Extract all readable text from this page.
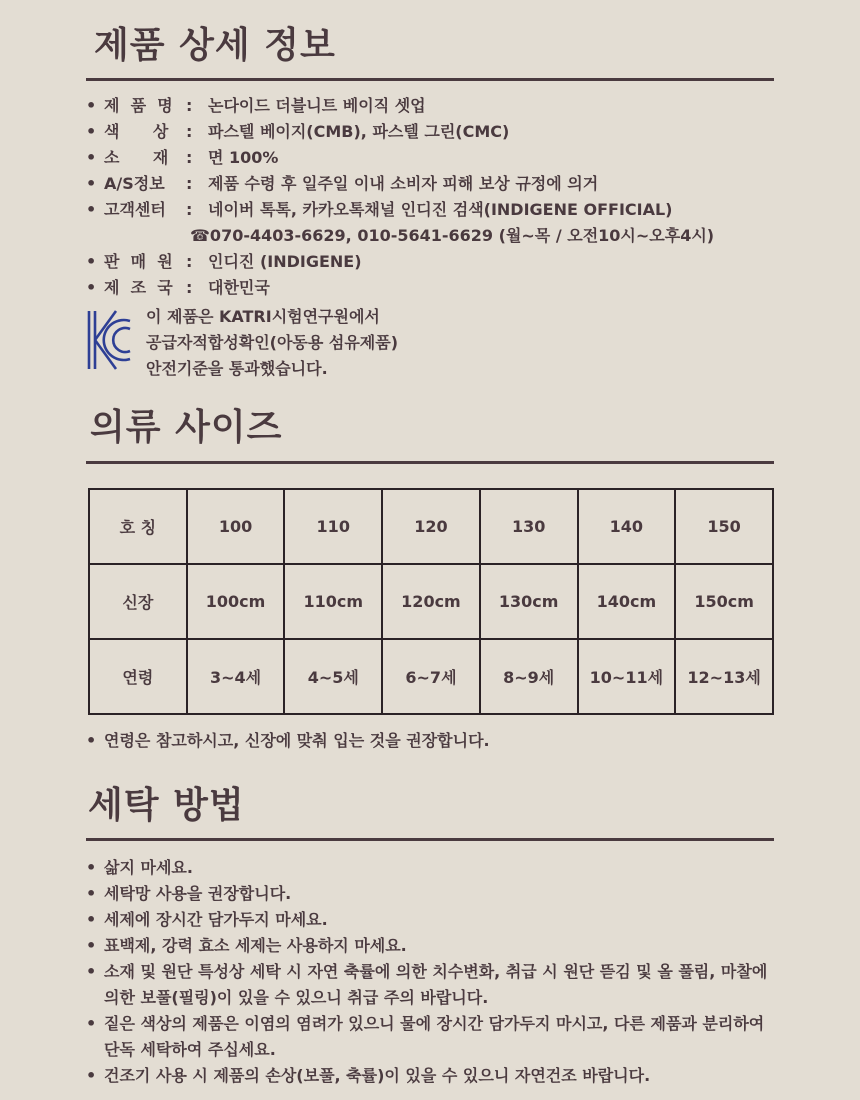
제품 상세 정보
• 제  품  명 : 논다이드 더블니트 베이직 셋업
• 색      상 : 파스텔 베이지(CMB), 파스텔 그린(CMC)
• 소      재 : 면 100%
• A/S정보 : 제품 수령 후 일주일 이내 소비자 피해 보상 규정에 의거
• 고객센터 : 네이버 톡톡, 카카오톡채널 인디진 검색(INDIGENE OFFICIAL)
☎070-4403-6629, 010-5641-6629 (월~목 / 오전10시~오후4시)
• 판  매  원 : 인디진 (INDIGENE)
• 제  조  국 : 대한민국
이 제품은 KATRI시험연구원에서
공급자적합성확인(아동용 섬유제품)
안전기준을 통과했습니다.
의류 사이즈
호 칭	100	110	120	130	140	150
신장	100cm	110cm	120cm	130cm	140cm	150cm
연령	3~4세	4~5세	6~7세	8~9세	10~11세	12~13세
• 연령은 참고하시고, 신장에 맞춰 입는 것을 권장합니다.
세탁 방법
• 삶지 마세요.
• 세탁망 사용을 권장합니다.
• 세제에 장시간 담가두지 마세요.
• 표백제, 강력 효소 세제는 사용하지 마세요.
• 소재 및 원단 특성상 세탁 시 자연 축률에 의한 치수변화, 취급 시 원단 뜯김 및 올 풀림, 마찰에 의한 보풀(필링)이 있을 수 있으니 취급 주의 바랍니다.
• 짙은 색상의 제품은 이염의 염려가 있으니 물에 장시간 담가두지 마시고, 다른 제품과 분리하여 단독 세탁하여 주십세요.
• 건조기 사용 시 제품의 손상(보풀, 축률)이 있을 수 있으니 자연건조 바랍니다.
